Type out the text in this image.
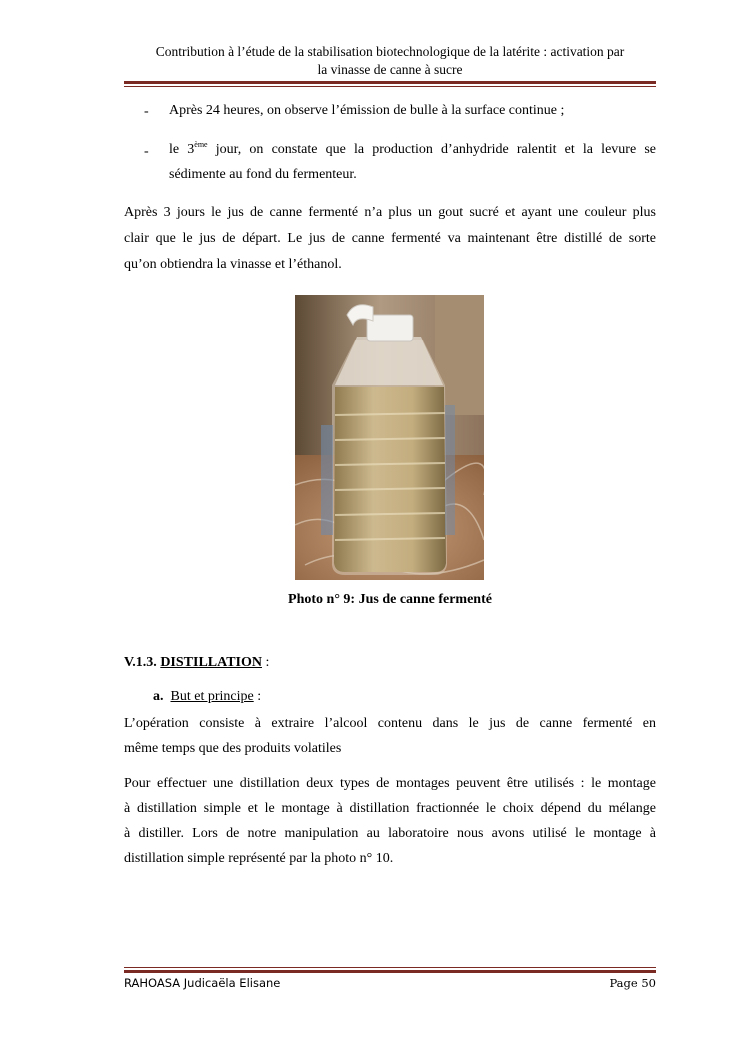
Contribution à l’étude de la stabilisation biotechnologique de la latérite : activation par
la vinasse de canne à sucre
- Après 24 heures, on observe l’émission de bulle à la surface continue ;
- le 3ème jour, on constate que la production d’anhydride ralentit et la levure se
sédimente au fond du fermenteur.
Après 3 jours le jus de canne fermenté n’a plus un gout sucré et ayant une couleur plus
clair que le jus de départ. Le jus de canne fermenté va maintenant être distillé de sorte
qu’on obtiendra la vinasse et l’éthanol.
Photo n° 9: Jus de canne fermenté
V.1.3. DISTILLATION :
a. But et principe :
L’opération consiste à extraire l’alcool contenu dans le jus de canne fermenté en
même temps que des produits volatiles
Pour effectuer une distillation deux types de montages peuvent être utilisés : le montage
à distillation simple et le montage à distillation fractionnée le choix dépend du mélange
à distiller. Lors de notre manipulation au laboratoire nous avons utilisé le montage à
distillation simple représenté par la photo n° 10.
RAHOASA Judicaëla Elisane	Page 50
